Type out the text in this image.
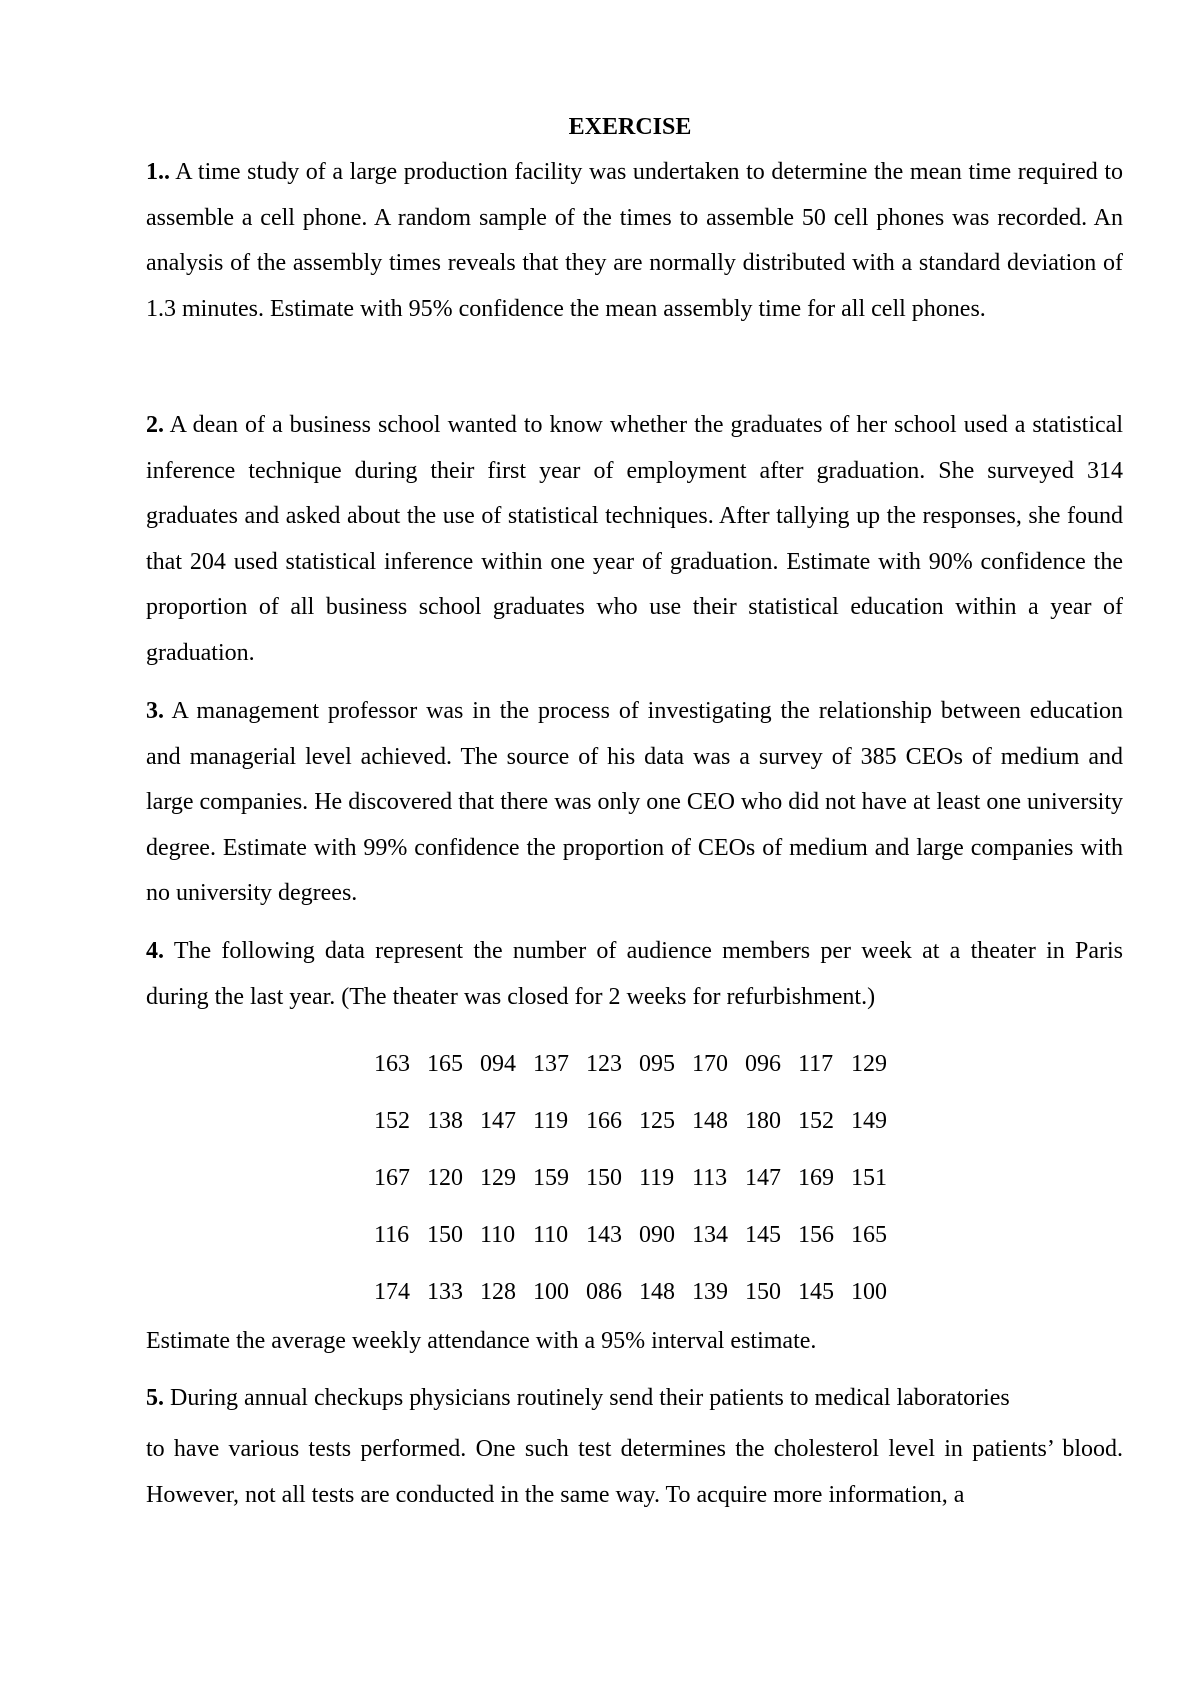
EXERCISE

1.. A time study of a large production facility was undertaken to determine the mean time required to assemble a cell phone. A random sample of the times to assemble 50 cell phones was recorded. An analysis of the assembly times reveals that they are normally distributed with a standard deviation of 1.3 minutes. Estimate with 95% confidence the mean assembly time for all cell phones.

2. A dean of a business school wanted to know whether the graduates of her school used a statistical inference technique during their first year of employment after graduation. She surveyed 314 graduates and asked about the use of statistical techniques. After tallying up the responses, she found that 204 used statistical inference within one year of graduation. Estimate with 90% confidence the proportion of all business school graduates who use their statistical education within a year of graduation.

3. A management professor was in the process of investigating the relationship between education and managerial level achieved. The source of his data was a survey of 385 CEOs of medium and large companies. He discovered that there was only one CEO who did not have at least one university degree. Estimate with 99% confidence the proportion of CEOs of medium and large companies with no university degrees.

4. The following data represent the number of audience members per week at a theater in Paris during the last year. (The theater was closed for 2 weeks for refurbishment.)

163	165	094	137	123	095	170	096	117	129
152	138	147	119	166	125	148	180	152	149
167	120	129	159	150	119	113	147	169	151
116	150	110	110	143	090	134	145	156	165
174	133	128	100	086	148	139	150	145	100

Estimate the average weekly attendance with a 95% interval estimate.

5. During annual checkups physicians routinely send their patients to medical laboratories

to have various tests performed. One such test determines the cholesterol level in patients’ blood. However, not all tests are conducted in the same way. To acquire more information, a
